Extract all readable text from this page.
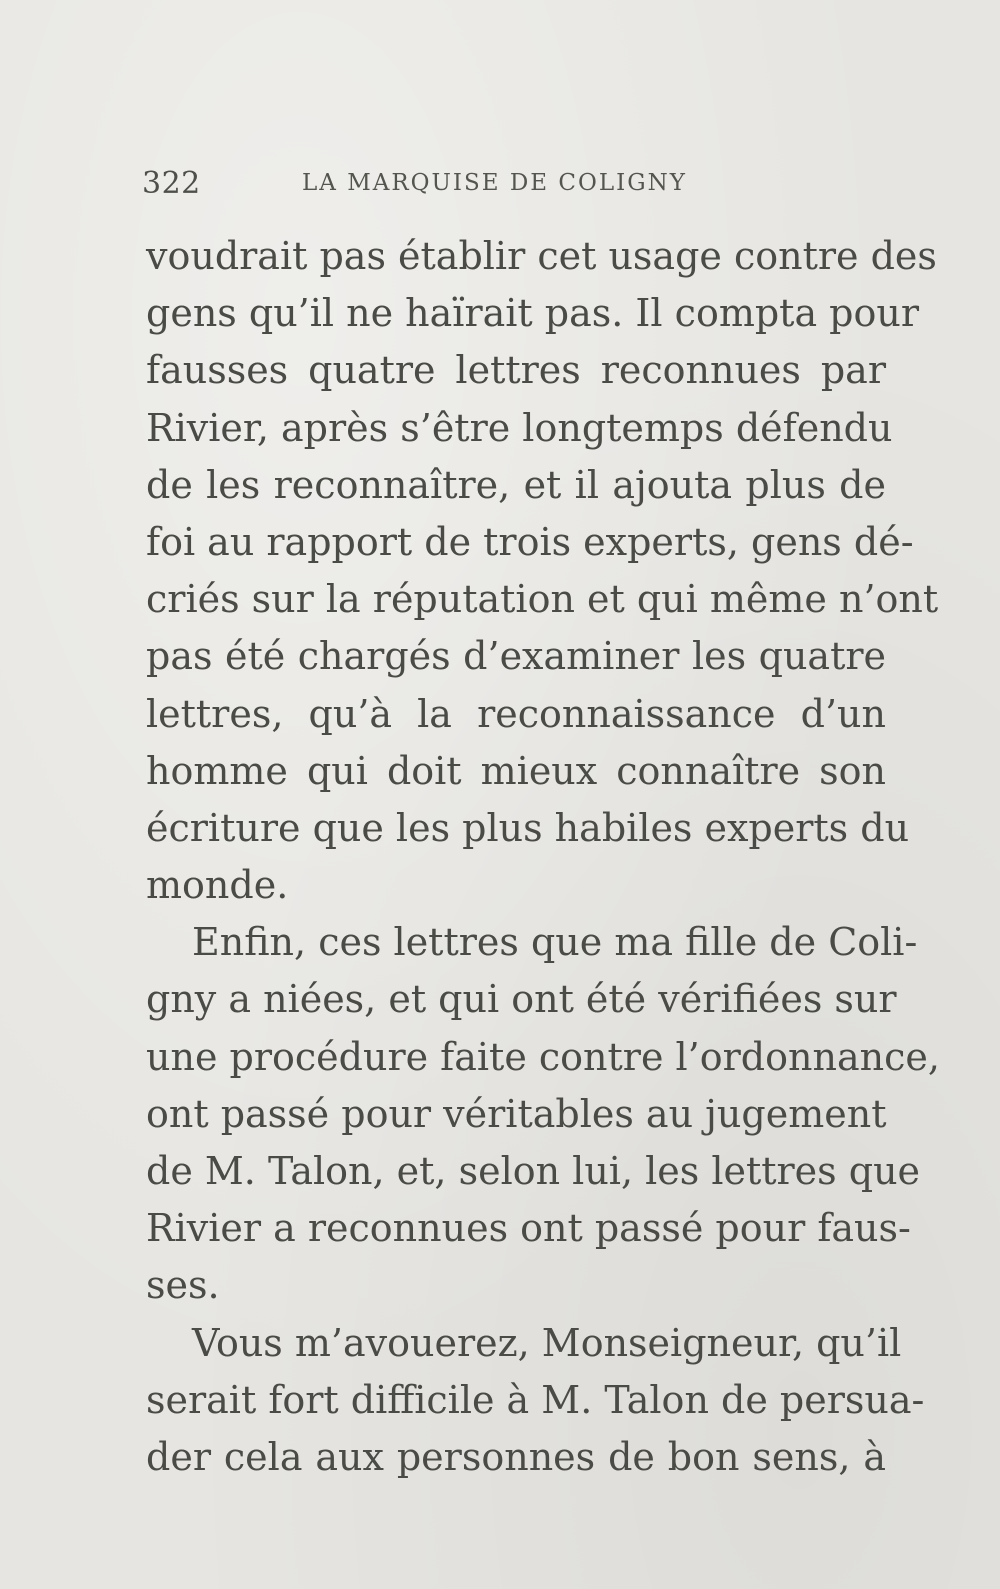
322	LA MARQUISE DE COLIGNY
voudrait pas établir cet usage contre des
gens qu’il ne haïrait pas. Il compta pour
fausses quatre lettres reconnues par
Rivier, après s’être longtemps défendu
de les reconnaître, et il ajouta plus de
foi au rapport de trois experts, gens dé-
criés sur la réputation et qui même n’ont
pas été chargés d’examiner les quatre
lettres, qu’à la reconnaissance d’un
homme qui doit mieux connaître son
écriture que les plus habiles experts du
monde.
Enfin, ces lettres que ma fille de Coli-
gny a niées, et qui ont été vérifiées sur
une procédure faite contre l’ordonnance,
ont passé pour véritables au jugement
de M. Talon, et, selon lui, les lettres que
Rivier a reconnues ont passé pour faus-
ses.
Vous m’avouerez, Monseigneur, qu’il
serait fort difficile à M. Talon de persua-
der cela aux personnes de bon sens, à
